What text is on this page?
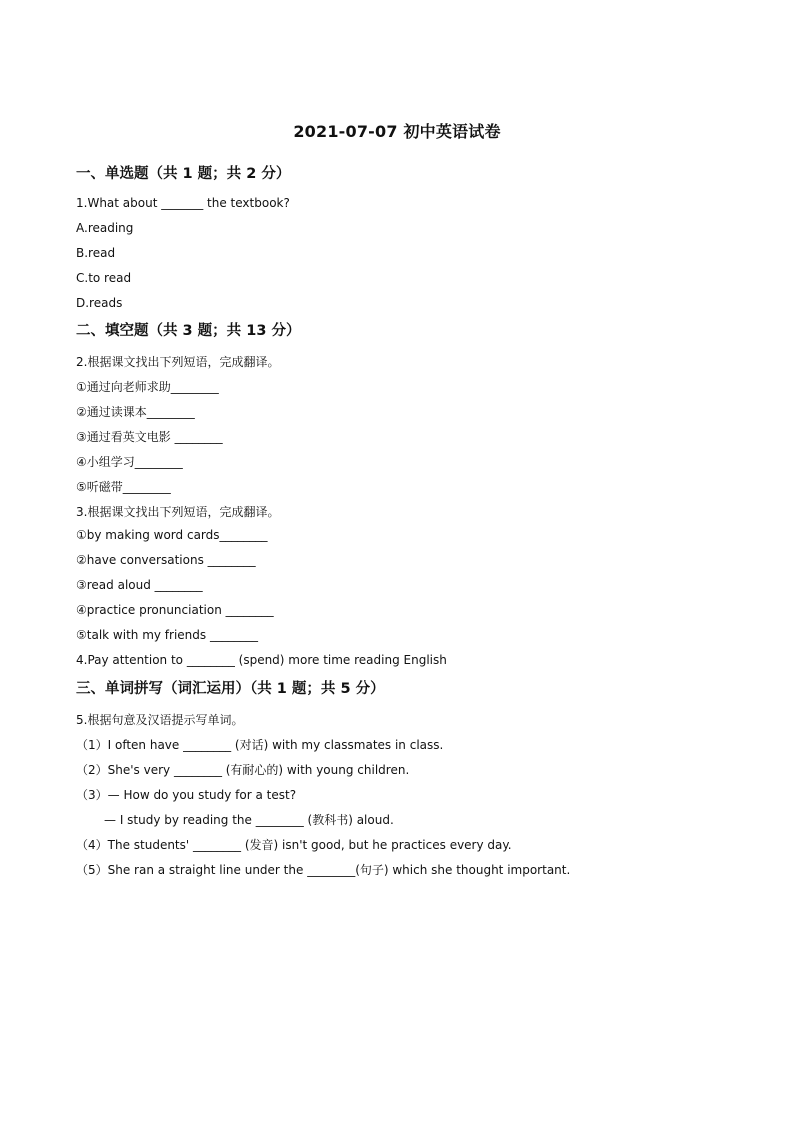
2021-07-07 初中英语试卷
一、单选题（共 1 题；共 2 分）
1.What about _______ the textbook?
A.reading
B.read
C.to read
D.reads
二、填空题（共 3 题；共 13 分）
2.根据课文找出下列短语，完成翻译。
①通过向老师求助________
②通过读课本________
③通过看英文电影 ________
④小组学习________
⑤听磁带________
3.根据课文找出下列短语，完成翻译。
①by making word cards________
②have conversations ________
③read aloud ________
④practice pronunciation ________
⑤talk with my friends ________
4.Pay attention to ________ (spend) more time reading English
三、单词拼写（词汇运用）（共 1 题；共 5 分）
5.根据句意及汉语提示写单词。
（1）I often have ________ (对话) with my classmates in class.
（2）She's very ________ (有耐心的) with young children.
（3）— How do you study for a test?
— I study by reading the ________ (教科书) aloud.
（4）The students' ________ (发音) isn't good, but he practices every day.
（5）She ran a straight line under the ________(句子) which she thought important.
